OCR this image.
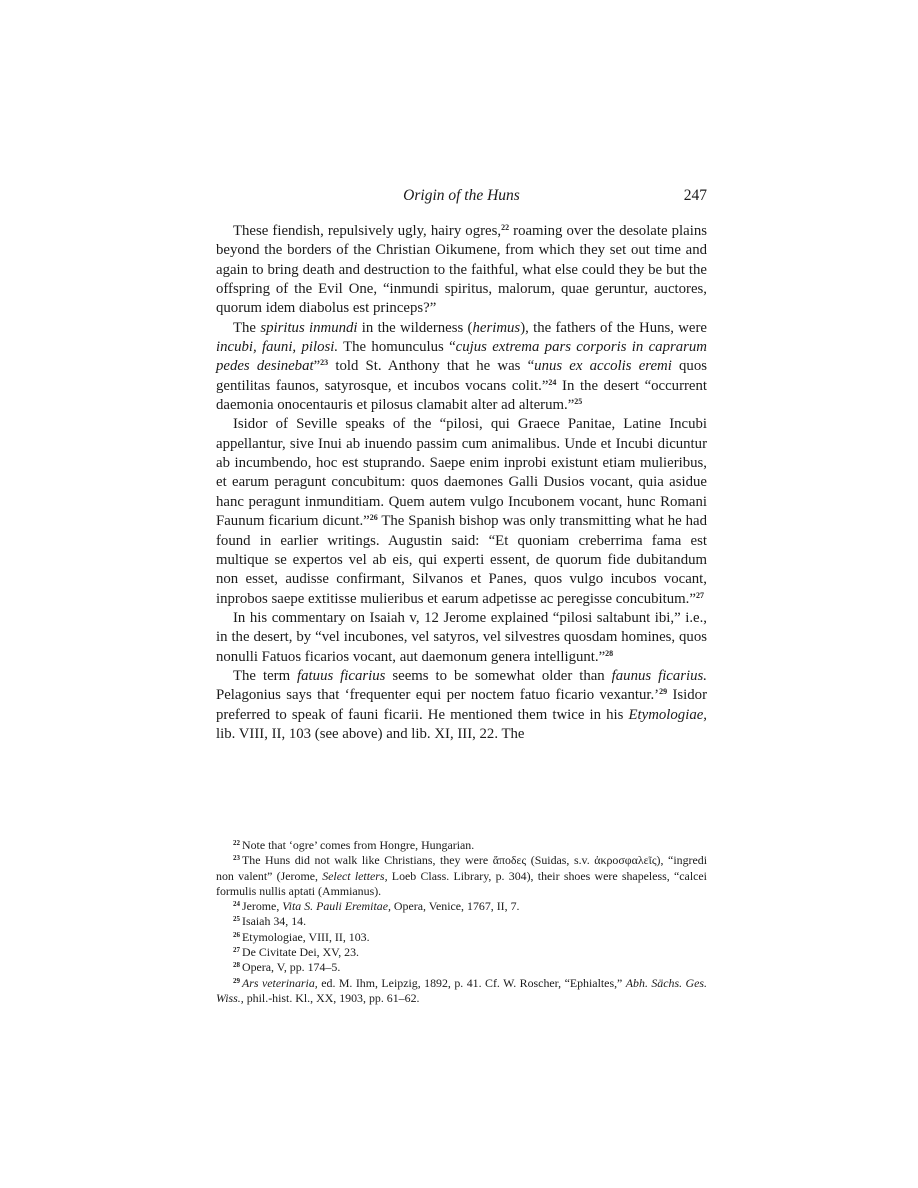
Origin of the Huns	247

These fiendish, repulsively ugly, hairy ogres,$^{22}$ roaming over the desolate plains beyond the borders of the Christian Oikumene, from which they set out time and again to bring death and destruction to the faithful, what else could they be but the offspring of the Evil One, “inmundi spiritus, malorum, quae geruntur, auctores, quorum idem diabolus est princeps?”

The spiritus inmundi in the wilderness (herimus), the fathers of the Huns, were incubi, fauni, pilosi. The homunculus “cujus extrema pars corporis in caprarum pedes desinebat”$^{23}$ told St. Anthony that he was “unus ex accolis eremi quos gentilitas faunos, satyrosque, et incubos vocans colit.”$^{24}$ In the desert “occurrent daemonia onocentauris et pilosus clamabit alter ad alterum.”$^{25}$

Isidor of Seville speaks of the “pilosi, qui Graece Panitae, Latine Incubi appellantur, sive Inui ab inuendo passim cum animalibus. Unde et Incubi dicuntur ab incumbendo, hoc est stuprando. Saepe enim inprobi existunt etiam mulieribus, et earum peragunt concubitum: quos daemones Galli Dusios vocant, quia asidue hanc peragunt inmunditiam. Quem autem vulgo Incubonem vocant, hunc Romani Faunum ficarium dicunt.”$^{26}$ The Spanish bishop was only transmitting what he had found in earlier writings. Augustin said: “Et quoniam creberrima fama est multique se expertos vel ab eis, qui experti essent, de quorum fide dubitandum non esset, audisse confirmant, Silvanos et Panes, quos vulgo incubos vocant, inprobos saepe extitisse mulieribus et earum adpetisse ac peregisse concubitum.”$^{27}$

In his commentary on Isaiah v, 12 Jerome explained “pilosi saltabunt ibi,” i.e., in the desert, by “vel incubones, vel satyros, vel silvestres quosdam homines, quos nonulli Fatuos ficarios vocant, aut daemonum genera intelligunt.”$^{28}$

The term fatuus ficarius seems to be somewhat older than faunus ficarius. Pelagonius says that ‘frequenter equi per noctem fatuo ficario vexantur.’$^{29}$ Isidor preferred to speak of fauni ficarii. He mentioned them twice in his Etymologiae, lib. VIII, II, 103 (see above) and lib. XI, III, 22. The

$^{22}$ Note that ‘ogre’ comes from Hongre, Hungarian.

$^{23}$ The Huns did not walk like Christians, they were ἄποδες (Suidas, s.v. ἀκροσφαλεῖς), “ingredi non valent” (Jerome, Select letters, Loeb Class. Library, p. 304), their shoes were shapeless, “calcei formulis nullis aptati (Ammianus).

$^{24}$ Jerome, Vita S. Pauli Eremitae, Opera, Venice, 1767, II, 7.

$^{25}$ Isaiah 34, 14.

$^{26}$ Etymologiae, VIII, II, 103.

$^{27}$ De Civitate Dei, XV, 23.

$^{28}$ Opera, V, pp. 174–5.

$^{29}$ Ars veterinaria, ed. M. Ihm, Leipzig, 1892, p. 41. Cf. W. Roscher, “Ephialtes,” Abh. Sächs. Ges. Wiss., phil.-hist. Kl., XX, 1903, pp. 61–62.
